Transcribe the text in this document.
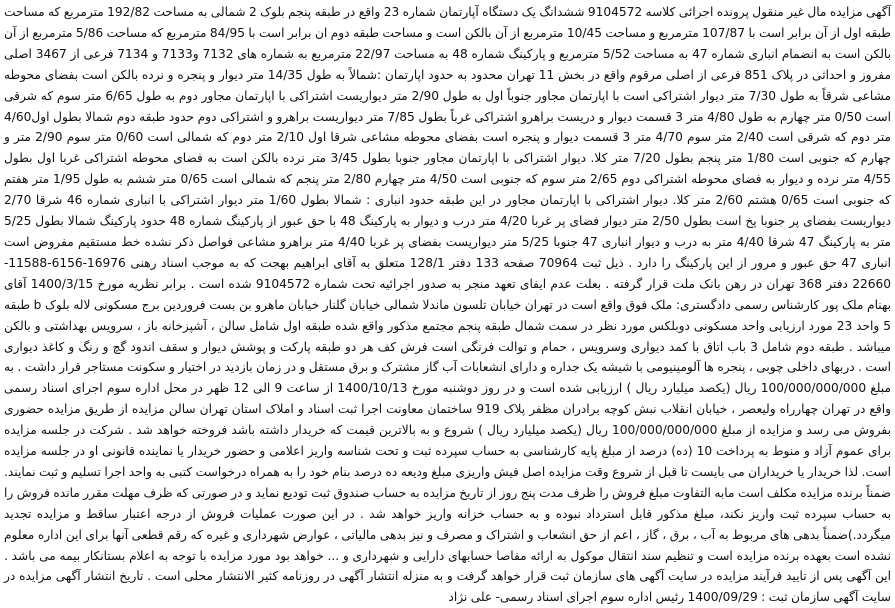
آگهی مزایده مال غیر منقول پرونده اجرائی کلاسه 9104572 ششدانگ یک دستگاه آپارتمان شماره 23 واقع در طبقه پنجم بلوک 2 شمالی به مساحت 192/82 مترمربع که مساحت طبقه اول از آن برابر است با 107/87 مترمربع و مساحت 10/45 مترمربع از آن بالکن است و مساحت طبقه دوم ان برابر است با 84/95 مترمربع که مساحت 5/86 مترمربع از آن بالکن است به انضمام انباری شماره 47 به مساحت 5/52 مترمربع و پارکینگ شماره 48 به مساحت 22/97 مترمربع به شماره های 7132 و7133 و 7134 فرعی از 3467 اصلی مفروز و احداثی در پلاک 851 فرعی از اصلی مرقوم واقع در بخش 11 تهران محدود به حدود اپارتمان :شمالاً به طول 14/35 متر دیوار و پنجره و نرده بالکن است بفضای محوطه مشاعی شرقاً به طول 7/30 متر دیوار اشتراکی است با اپارتمان مجاور جنوباً اول به طول 2/90 متر دیواریست اشتراکی با اپارتمان مجاور دوم به طول 6/65 متر سوم که شرقی است 0/50 متر چهارم به طول 4/80 متر 3 قسمت دیوار و دریست براهرو اشتراکی غرباً بطول 7/85 متر دیواریست براهرو و اشتراکی دوم حدود طبقه دوم شمالا بطول اول4/60 متر دوم که شرقی است 2/40 متر سوم 4/70 متر 3 قسمت دیوار و پنجره است بفضای محوطه مشاعی شرقا اول 2/10 متر دوم که شمالی است 0/60 متر سوم 2/90 متر و چهارم که جنوبی است 1/80 متر پنجم بطول 7/20 متر کلا. دیوار اشتراکی با اپارتمان مجاور جنوبا بطول 3/45 متر نرده بالکن است به فضای محوطه اشتراکی غربا اول بطول 4/55 متر نرده و دیوار به فضای محوطه اشتراکی دوم 2/65 متر سوم که جنوبی است 4/50 متر چهارم 2/80 متر پنجم که شمالی است 0/65 متر ششم به طول 1/95 متر هفتم که جنوبی است 0/65 هشتم 2/60 متر کلا. دیوار اشتراکی با اپارتمان مجاور در این طبقه حدود انباری : شمالا بطول 1/60 متر دیوار اشتراکی با انباری شماره 46 شرقا 2/70 دیواریست بفضای پر جنوبا پخ است بطول 2/50 متر دیوار فضای پر غربا 4/20 متر درب و دیوار به پارکینگ 48 با حق عبور از پارکینگ شماره 48 حدود پارکینگ شمالا بطول 5/25 متر به پارکینگ 47 شرقا 4/40 متر به درب و دیوار انباری 47 جنوبا 5/25 متر دیواریست بفضای پر غربا 4/40 متر براهرو مشاعی فواصل ذکر نشده خط مستقیم مفروض است انباری 47 حق عبور و مرور از این پارکینگ را دارد . ذیل ثبت 70964 صفحه 133 دفتر 128/1 متعلق به آقای ابراهیم بهجت که به موجب اسناد رهنی 16976-6156-11588-22660 دفتر 368 تهران در رهن بانک ملت قرار گرفته . بعلت عدم ایفای تعهد منجر به صدور اجرائیه تحت شماره 9104572 شده است . برابر نظریه مورخ 1400/3/15 آقای بهنام ملک پور کارشناس رسمی دادگستری: ملک فوق واقع است در تهران خیابان تلسون ماندلا شمالی خیابان گلنار خیابان ماهرو بن بست فروردین برج مسکونی لاله بلوک b طبقه 5 واحد 23 مورد ارزیابی واحد مسکونی دوبلکس مورد نظر در سمت شمال طبقه پنجم مجتمع مذکور واقع شده طبقه اول شامل سالن ، آشپزخانه باز ، سرویس بهداشتی و بالکن میباشد . طبقه دوم شامل 3 باب اتاق با کمد دیواری وسرویس ، حمام و توالت فرنگی است فرش کف هر دو طبقه پارکت و پوشش دیوار و سقف اندود گچ و رنگ و کاغذ دیواری است . دربهای داخلی چوبی ، پنجره ها آلومینیومی با شیشه یک جداره و دارای انشعابات آب گاز مشترک و برق مستقل و در زمان بازدید در اختیار و سکونت مستاجر قرار داشت . به مبلغ 100/000/000/000 ریال (یکصد میلیارد ریال ) ارزیابی شده است و در روز دوشنبه مورخ 1400/10/13 از ساعت 9 الی 12 ظهر در محل اداره سوم اجرای اسناد رسمی واقع در تهران چهارراه ولیعصر ، خیابان انقلاب نبش کوچه برادران مظفر پلاک 919 ساختمان معاونت اجرا ثبت اسناد و املاک استان تهران سالن مزایده از طریق مزایده حضوری بفروش می رسد و مزایده از مبلغ 100/000/000/000 ریال (یکصد میلیارد ریال ) شروع و به بالاترین قیمت که خریدار داشته باشد فروخته خواهد شد . شرکت در جلسه مزایده برای عموم آزاد و منوط به پرداخت 10 (ده) درصد از مبلغ پایه کارشناسی به حساب سپرده ثبت و تحت شناسه واریز اعلامی و حضور خریدار یا نماینده قانونی او در جلسه مزایده است. لذا خریدار یا خریداران می بایست تا قبل از شروع وقت مزایده اصل فیش واریزی مبلغ ودیعه ده درصد بنام خود را به همراه درخواست کتبی به واحد اجرا تسلیم و ثبت نمایند. ضمناً برنده مزایده مکلف است مابه التفاوت مبلغ فروش را ظرف مدت پنج روز از تاریخ مزایده به حساب صندوق ثبت تودیع نماید و در صورتی که ظرف مهلت مقرر مانده فروش را به حساب سپرده ثبت واریز نکند، مبلغ مذکور قابل استرداد نبوده و به حساب خزانه واریز خواهد شد . در این صورت عملیات فروش از درجه اعتبار ساقط و مزایده تجدید میگردد.)ضمناً بدهی های مربوط به آب ، برق ، گاز ، اعم از حق انشعاب و اشتراک و مصرف و نیز بدهی مالیاتی ، عوارض شهرداری و غیره که رقم قطعی آنها برای این اداره معلوم نشده است بعهده برنده مزایده است و تنظیم سند انتقال موکول به ارائه مفاصا حسابهای دارایی و شهرداری و ... خواهد بود مورد مزایده با توجه به اعلام بستانکار بیمه می باشد . این آگهی پس از تایید فرآیند مزایده در سایت آگهی های سازمان ثبت قرار خواهد گرفت و به منزله انتشار آگهی در روزنامه کثیر الانتشار محلی است . تاریخ انتشار آگهی مزایده در سایت آگهی سازمان ثبت : 1400/09/29 رئیس اداره سوم اجرای اسناد رسمی- علی نژاد
